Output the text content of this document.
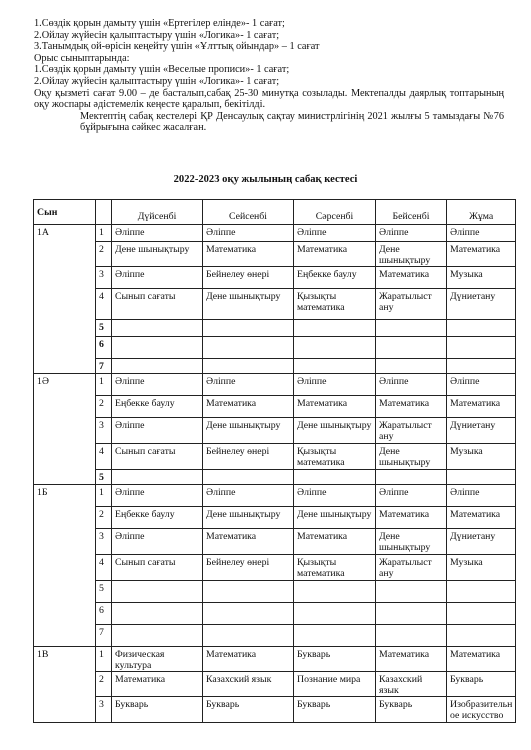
1.Сөздік қорын дамыту үшін «Ертегілер елінде»- 1 сағат;

2.Ойлау жүйесін қалыптастыру үшін «Логика»- 1 сағат;

3.Танымдық ой-өрісін кеңейту үшін «Ұлттық ойындар» – 1 сағат

Орыс сыныптарында:

1.Сөздік қорын дамыту үшін «Веселые прописи»- 1 сағат;

2.Ойлау жүйесін қалыптастыру үшін «Логика»- 1 сағат;

Оқу қызметі сағат 9.00 – де басталып,сабақ 25-30 минутқа созылады. Мектепалды даярлық топтарының оқу жоспары әдістемелік кеңесте қаралып, бекітілді.

Мектептің сабақ кестелері ҚР Денсаулық сақтау министрлігінің 2021 жылғы 5 тамыздағы №76 бұйрығына сәйкес жасалған.

2022-2023 оқу жылының сабақ кестесі
Сын		Дүйсенбі	Сейсенбі	Сәрсенбі	Бейсенбі	Жұма
1А	1	Әліппе	Әліппе	Әліппе	Әліппе	Әліппе
	2	Дене шынықтыру	Математика	Математика	Дене шынықтыру	Математика
	3	Әліппе	Бейнелеу өнері	Еңбекке баулу	Математика	Музыка
	4	Сынып сағаты	Дене шынықтыру	Қызықты математика	Жаратылыст ану	Дүниетану
	5					
	6					
	7					
1Ә	1	Әліппе	Әліппе	Әліппе	Әліппе	Әліппе
	2	Еңбекке баулу	Математика	Математика	Математика	Математика
	3	Әліппе	Дене шынықтыру	Дене шынықтыру	Жаратылыст ану	Дүниетану
	4	Сынып сағаты	Бейнелеу өнері	Қызықты математика	Дене шынықтыру	Музыка
	5					
1Б	1	Әліппе	Әліппе	Әліппе	Әліппе	Әліппе
	2	Еңбекке баулу	Дене шынықтыру	Дене шынықтыру	Математика	Математика
	3	Әліппе	Математика	Математика	Дене шынықтыру	Дүниетану
	4	Сынып сағаты	Бейнелеу өнері	Қызықты математика	Жаратылыст ану	Музыка
	5					
	6					
	7					
1В	1	Физическая культура	Математика	Букварь	Математика	Математика
	2	Математика	Казахский язык	Познание мира	Казахский язык	Букварь
	3	Букварь	Букварь	Букварь	Букварь	Изобразительн ое искусство
